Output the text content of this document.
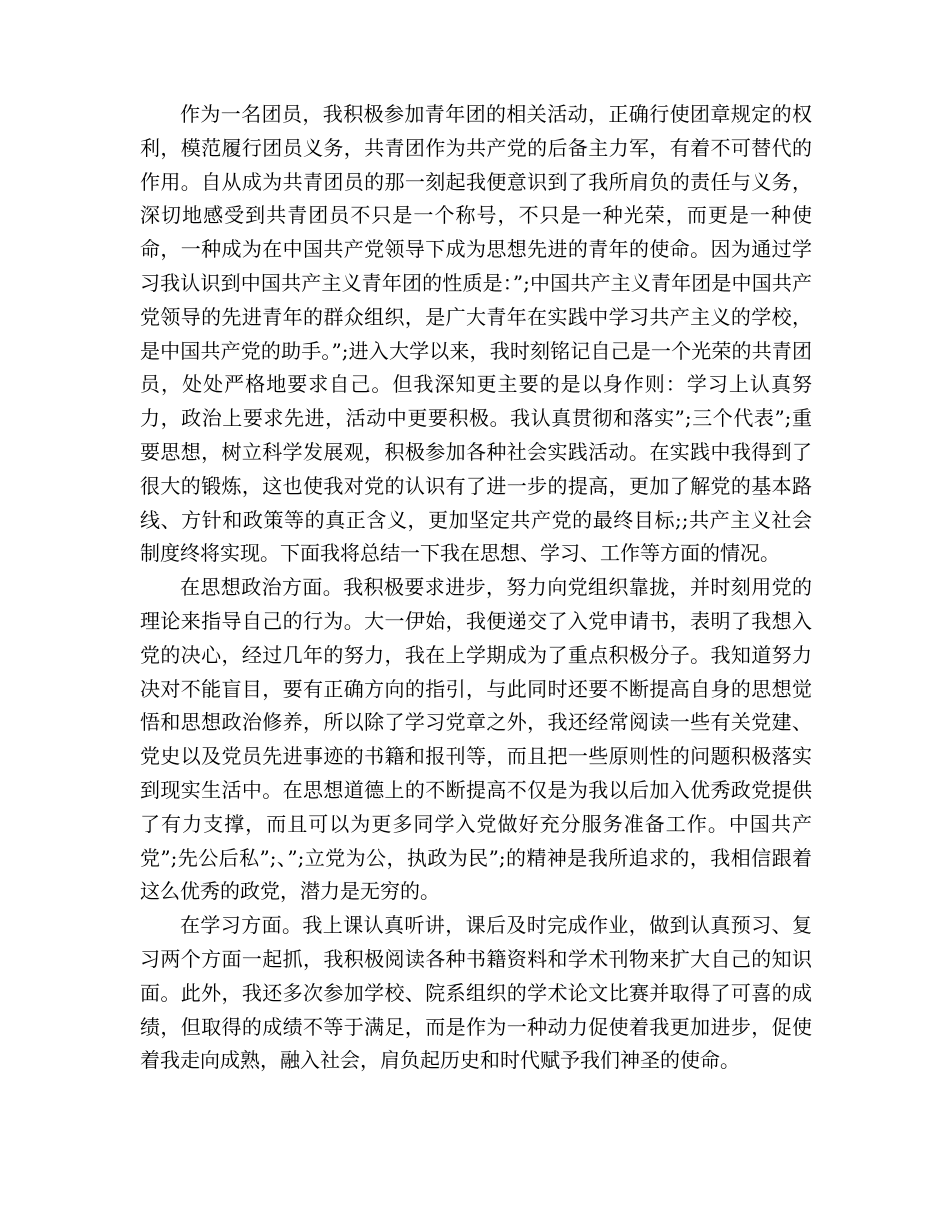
作为一名团员，我积极参加青年团的相关活动，正确行使团章规定的权利，模范履行团员义务，共青团作为共产党的后备主力军，有着不可替代的作用。自从成为共青团员的那一刻起我便意识到了我所肩负的责任与义务，深切地感受到共青团员不只是一个称号，不只是一种光荣，而更是一种使命，一种成为在中国共产党领导下成为思想先进的青年的使命。因为通过学习我认识到中国共产主义青年团的性质是：”;中国共产主义青年团是中国共产党领导的先进青年的群众组织，是广大青年在实践中学习共产主义的学校，是中国共产党的助手。”;进入大学以来，我时刻铭记自己是一个光荣的共青团员，处处严格地要求自己。但我深知更主要的是以身作则：学习上认真努力，政治上要求先进，活动中更要积极。我认真贯彻和落实”;三个代表”;重要思想，树立科学发展观，积极参加各种社会实践活动。在实践中我得到了很大的锻炼，这也使我对党的认识有了进一步的提高，更加了解党的基本路线、方针和政策等的真正含义，更加坚定共产党的最终目标;;共产主义社会制度终将实现。下面我将总结一下我在思想、学习、工作等方面的情况。

在思想政治方面。我积极要求进步，努力向党组织靠拢，并时刻用党的理论来指导自己的行为。大一伊始，我便递交了入党申请书，表明了我想入党的决心，经过几年的努力，我在上学期成为了重点积极分子。我知道努力决对不能盲目，要有正确方向的指引，与此同时还要不断提高自身的思想觉悟和思想政治修养，所以除了学习党章之外，我还经常阅读一些有关党建、党史以及党员先进事迹的书籍和报刊等，而且把一些原则性的问题积极落实到现实生活中。在思想道德上的不断提高不仅是为我以后加入优秀政党提供了有力支撑，而且可以为更多同学入党做好充分服务准备工作。中国共产党”;先公后私”;、”;立党为公，执政为民”;的精神是我所追求的，我相信跟着这么优秀的政党，潜力是无穷的。

在学习方面。我上课认真听讲，课后及时完成作业，做到认真预习、复习两个方面一起抓，我积极阅读各种书籍资料和学术刊物来扩大自己的知识面。此外，我还多次参加学校、院系组织的学术论文比赛并取得了可喜的成绩，但取得的成绩不等于满足，而是作为一种动力促使着我更加进步，促使着我走向成熟，融入社会，肩负起历史和时代赋予我们神圣的使命。
